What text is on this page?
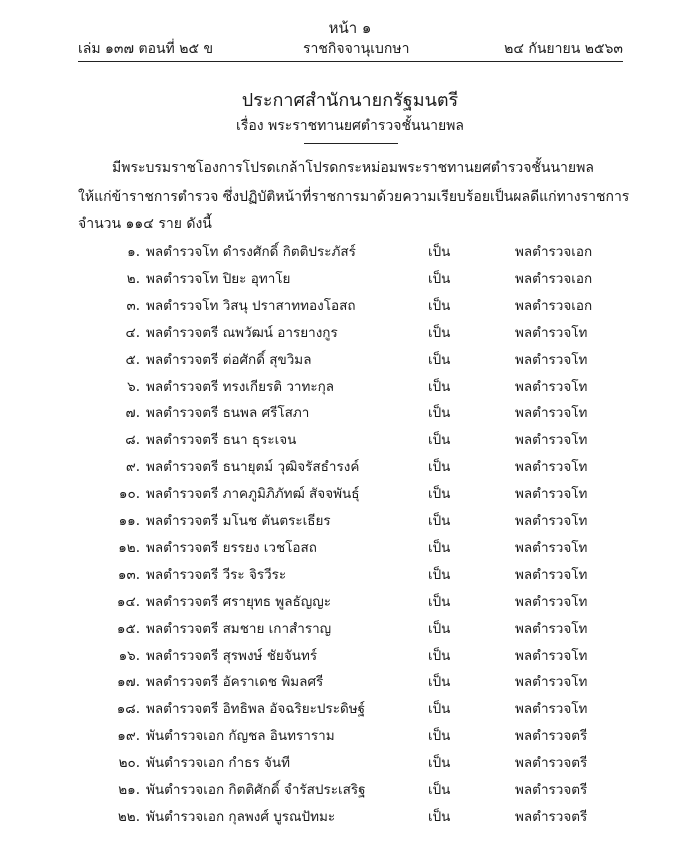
หน้า ๑
เล่ม ๑๓๗ ตอนที่ ๒๕ ข	ราชกิจจานุเบกษา	๒๔ กันยายน ๒๕๖๓
ประกาศสำนักนายกรัฐมนตรี
เรื่อง พระราชทานยศตำรวจชั้นนายพล
มีพระบรมราชโองการโปรดเกล้าโปรดกระหม่อมพระราชทานยศตำรวจชั้นนายพล
ให้แก่ข้าราชการตำรวจ ซึ่งปฏิบัติหน้าที่ราชการมาด้วยความเรียบร้อยเป็นผลดีแก่ทางราชการ
จำนวน ๑๑๔ ราย ดังนี้
๑. พลตำรวจโท ดำรงศักดิ์ กิตติประภัสร์	เป็น	พลตำรวจเอก
๒. พลตำรวจโท ปิยะ อุทาโย	เป็น	พลตำรวจเอก
๓. พลตำรวจโท วิสนุ ปราสาททองโอสถ	เป็น	พลตำรวจเอก
๔. พลตำรวจตรี ณพวัฒน์ อารยางกูร	เป็น	พลตำรวจโท
๕. พลตำรวจตรี ต่อศักดิ์ สุขวิมล	เป็น	พลตำรวจโท
๖. พลตำรวจตรี ทรงเกียรติ วาทะกุล	เป็น	พลตำรวจโท
๗. พลตำรวจตรี ธนพล ศรีโสภา	เป็น	พลตำรวจโท
๘. พลตำรวจตรี ธนา ธุระเจน	เป็น	พลตำรวจโท
๙. พลตำรวจตรี ธนายุตม์ วุฒิจรัสธำรงค์	เป็น	พลตำรวจโท
๑๐. พลตำรวจตรี ภาคภูมิภิภัทฒ์ สัจจพันธุ์	เป็น	พลตำรวจโท
๑๑. พลตำรวจตรี มโนช ตันตระเธียร	เป็น	พลตำรวจโท
๑๒. พลตำรวจตรี ยรรยง เวชโอสถ	เป็น	พลตำรวจโท
๑๓. พลตำรวจตรี วีระ จิรวีระ	เป็น	พลตำรวจโท
๑๔. พลตำรวจตรี ศรายุทธ พูลธัญญะ	เป็น	พลตำรวจโท
๑๕. พลตำรวจตรี สมชาย เกาสำราญ	เป็น	พลตำรวจโท
๑๖. พลตำรวจตรี สุรพงษ์ ชัยจันทร์	เป็น	พลตำรวจโท
๑๗. พลตำรวจตรี อัคราเดช พิมลศรี	เป็น	พลตำรวจโท
๑๘. พลตำรวจตรี อิทธิพล อัจฉริยะประดิษฐ์	เป็น	พลตำรวจโท
๑๙. พันตำรวจเอก กัญชล อินทราราม	เป็น	พลตำรวจตรี
๒๐. พันตำรวจเอก กำธร จันที	เป็น	พลตำรวจตรี
๒๑. พันตำรวจเอก กิตติศักดิ์ จำรัสประเสริฐ	เป็น	พลตำรวจตรี
๒๒. พันตำรวจเอก กุลพงศ์ บูรณปัทมะ	เป็น	พลตำรวจตรี
